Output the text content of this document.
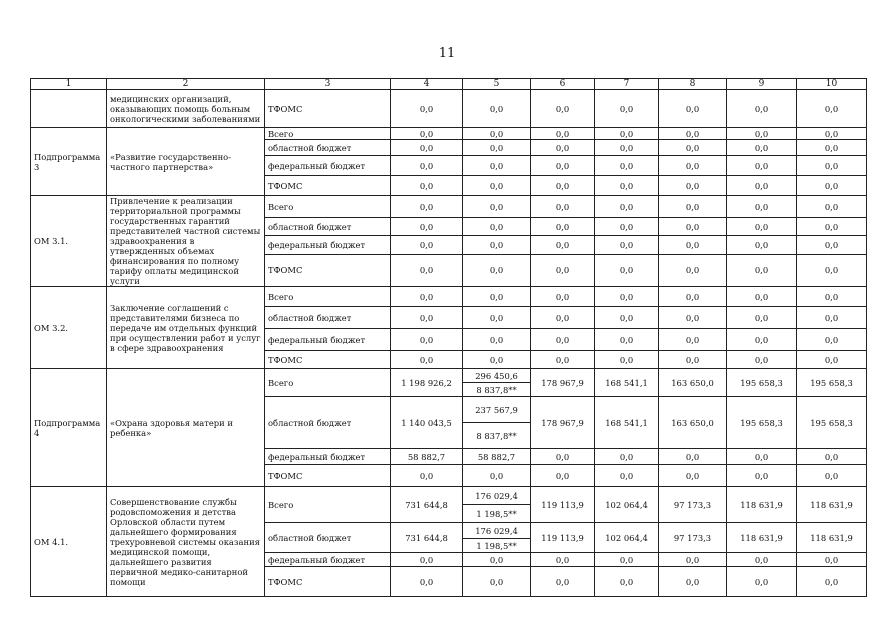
11
1	2	3	4	5	6	7	8	9	10
	медицинских организаций, оказывающих помощь больным онкологическими заболеваниями	ТФОМС	0,0	0,0	0,0	0,0	0,0	0,0	0,0
Подпрограмма 3	«Развитие государственно-частного партнерства»	Всего	0,0	0,0	0,0	0,0	0,0	0,0	0,0
		областной бюджет	0,0	0,0	0,0	0,0	0,0	0,0	0,0
		федеральный бюджет	0,0	0,0	0,0	0,0	0,0	0,0	0,0
		ТФОМС	0,0	0,0	0,0	0,0	0,0	0,0	0,0
ОМ 3.1.	Привлечение к реализации территориальной программы государственных гарантий представителей частной системы здравоохранения в утвержденных объемах финансирования по полному тарифу оплаты медицинской услуги	Всего	0,0	0,0	0,0	0,0	0,0	0,0	0,0
		областной бюджет	0,0	0,0	0,0	0,0	0,0	0,0	0,0
		федеральный бюджет	0,0	0,0	0,0	0,0	0,0	0,0	0,0
		ТФОМС	0,0	0,0	0,0	0,0	0,0	0,0	0,0
ОМ 3.2.	Заключение соглашений с представителями бизнеса по передаче им отдельных функций при осуществлении работ и услуг в сфере здравоохранения	Всего	0,0	0,0	0,0	0,0	0,0	0,0	0,0
		областной бюджет	0,0	0,0	0,0	0,0	0,0	0,0	0,0
		федеральный бюджет	0,0	0,0	0,0	0,0	0,0	0,0	0,0
		ТФОМС	0,0	0,0	0,0	0,0	0,0	0,0	0,0
Подпрограмма 4	«Охрана здоровья матери и ребенка»	Всего	1 198 926,2	296 450,6	178 967,9	168 541,1	163 650,0	195 658,3	195 658,3
				8 837,8**					
		областной бюджет	1 140 043,5	237 567,9	178 967,9	168 541,1	163 650,0	195 658,3	195 658,3
				8 837,8**					
		федеральный бюджет	58 882,7	58 882,7	0,0	0,0	0,0	0,0	0,0
		ТФОМС	0,0	0,0	0,0	0,0	0,0	0,0	0,0
ОМ 4.1.	Совершенствование службы родовспоможения и детства Орловской области путем дальнейшего формирования трехуровневой системы оказания медицинской помощи, дальнейшего развития первичной медико-санитарной помощи	Всего	731 644,8	176 029,4	119 113,9	102 064,4	97 173,3	118 631,9	118 631,9
				1 198,5**					
		областной бюджет	731 644,8	176 029,4	119 113,9	102 064,4	97 173,3	118 631,9	118 631,9
				1 198,5**					
		федеральный бюджет	0,0	0,0	0,0	0,0	0,0	0,0	0,0
		ТФОМС	0,0	0,0	0,0	0,0	0,0	0,0	0,0
